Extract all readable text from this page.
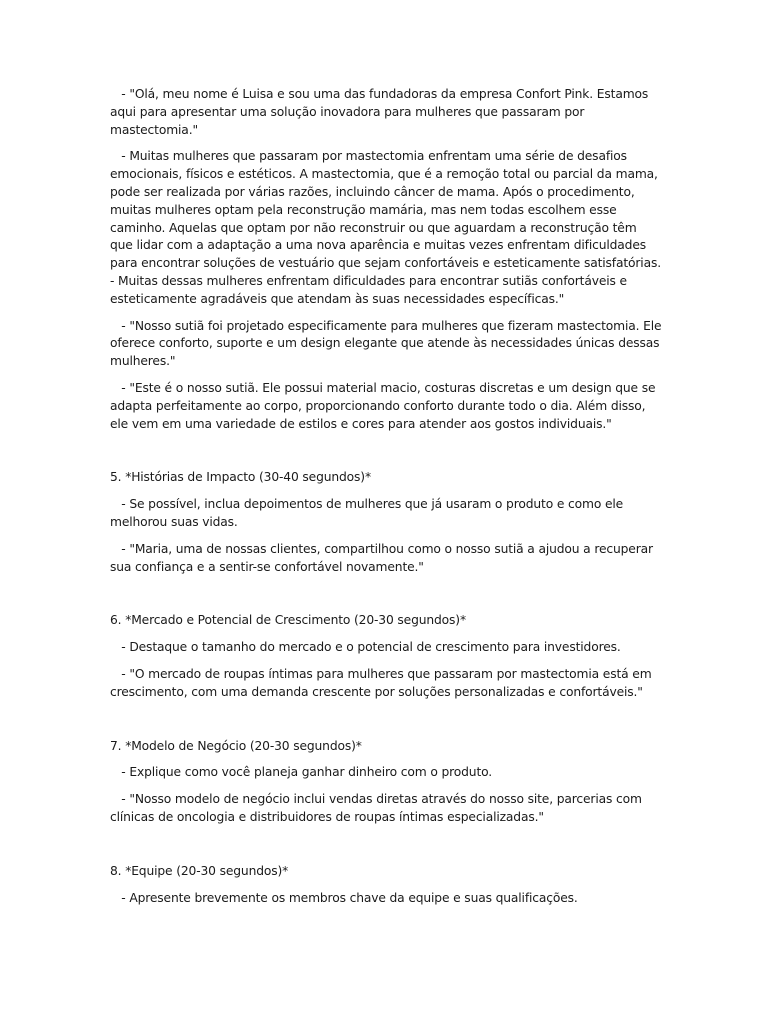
- "Olá, meu nome é Luisa e sou uma das fundadoras da empresa Confort Pink. Estamos aqui para apresentar uma solução inovadora para mulheres que passaram por mastectomia."
- Muitas mulheres que passaram por mastectomia enfrentam uma série de desafios emocionais, físicos e estéticos. A mastectomia, que é a remoção total ou parcial da mama, pode ser realizada por várias razões, incluindo câncer de mama. Após o procedimento, muitas mulheres optam pela reconstrução mamária, mas nem todas escolhem esse caminho. Aquelas que optam por não reconstruir ou que aguardam a reconstrução têm que lidar com a adaptação a uma nova aparência e muitas vezes enfrentam dificuldades para encontrar soluções de vestuário que sejam confortáveis e esteticamente satisfatórias.   - Muitas dessas mulheres enfrentam dificuldades para encontrar sutiãs confortáveis e esteticamente agradáveis que atendam às suas necessidades específicas."
- "Nosso sutiã foi projetado especificamente para mulheres que fizeram mastectomia. Ele oferece conforto, suporte e um design elegante que atende às necessidades únicas dessas mulheres."
- "Este é o nosso sutiã. Ele possui material macio, costuras discretas e um design que se adapta perfeitamente ao corpo, proporcionando conforto durante todo o dia. Além disso, ele vem em uma variedade de estilos e cores para atender aos gostos individuais."
5. *Histórias de Impacto (30-40 segundos)*
- Se possível, inclua depoimentos de mulheres que já usaram o produto e como ele melhorou suas vidas.
- "Maria, uma de nossas clientes, compartilhou como o nosso sutiã a ajudou a recuperar sua confiança e a sentir-se confortável novamente."
6. *Mercado e Potencial de Crescimento (20-30 segundos)*
- Destaque o tamanho do mercado e o potencial de crescimento para investidores.
- "O mercado de roupas íntimas para mulheres que passaram por mastectomia está em crescimento, com uma demanda crescente por soluções personalizadas e confortáveis."
7. *Modelo de Negócio (20-30 segundos)*
- Explique como você planeja ganhar dinheiro com o produto.
- "Nosso modelo de negócio inclui vendas diretas através do nosso site, parcerias com clínicas de oncologia e distribuidores de roupas íntimas especializadas."
8. *Equipe (20-30 segundos)*
- Apresente brevemente os membros chave da equipe e suas qualificações.
